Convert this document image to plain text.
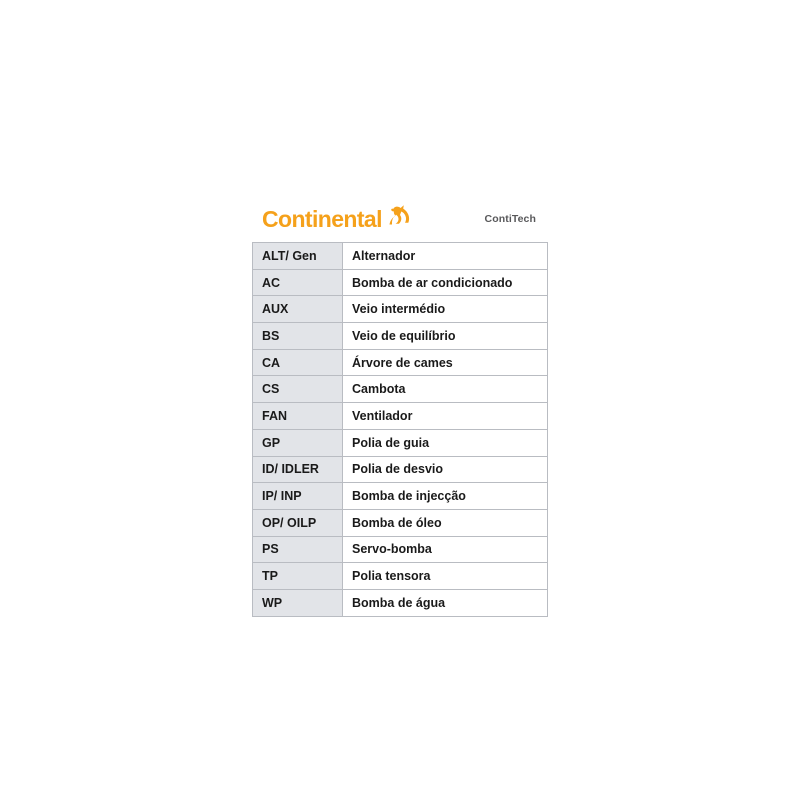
Continental	ContiTech
ALT/ Gen	Alternador
AC	Bomba de ar condicionado
AUX	Veio intermédio
BS	Veio de equilíbrio
CA	Árvore de cames
CS	Cambota
FAN	Ventilador
GP	Polia de guia
ID/ IDLER	Polia de desvio
IP/ INP	Bomba de injecção
OP/ OILP	Bomba de óleo
PS	Servo-bomba
TP	Polia tensora
WP	Bomba de água
